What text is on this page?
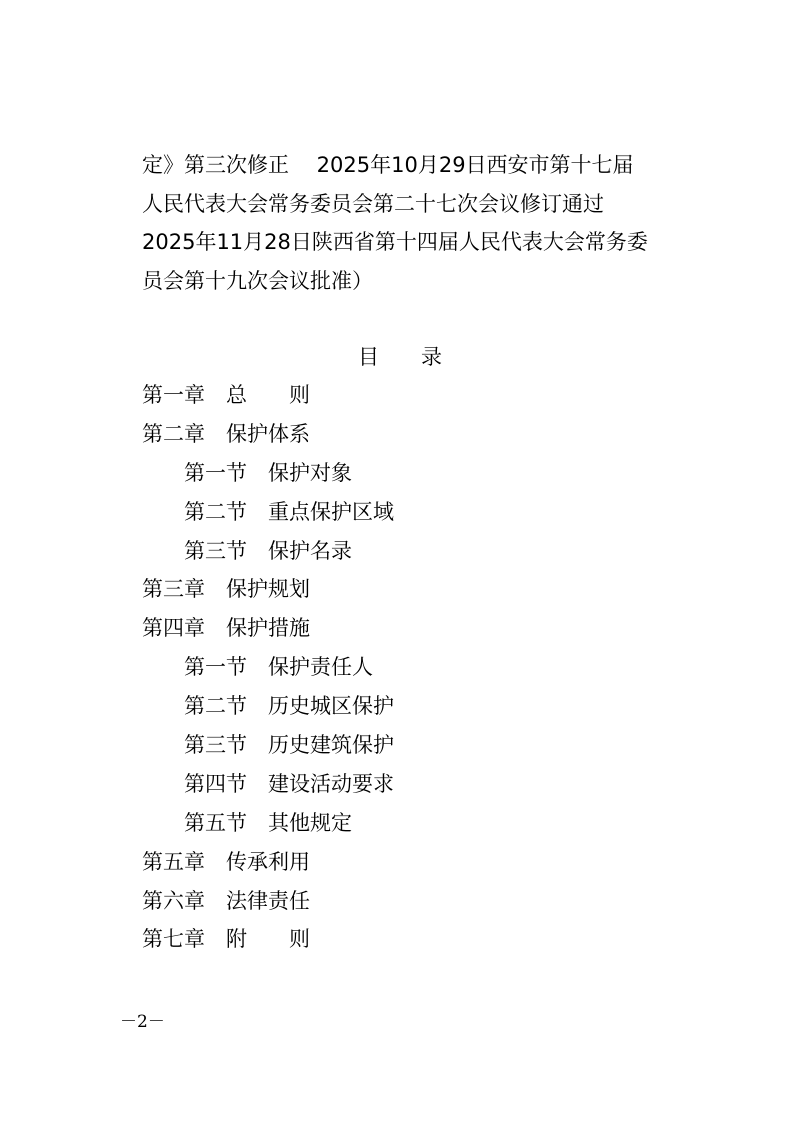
定》第三次修正　 2025年10月29日西安市第十七届
人民代表大会常务委员会第二十七次会议修订通过
2025年11月28日陕西省第十四届人民代表大会常务委
员会第十九次会议批准）
目 录
第一章 总 则
第二章 保护体系
第一节 保护对象
第二节 重点保护区域
第三节 保护名录
第三章 保护规划
第四章 保护措施
第一节 保护责任人
第二节 历史城区保护
第三节 历史建筑保护
第四节 建设活动要求
第五节 其他规定
第五章 传承利用
第六章 法律责任
第七章 附 则
－2－
